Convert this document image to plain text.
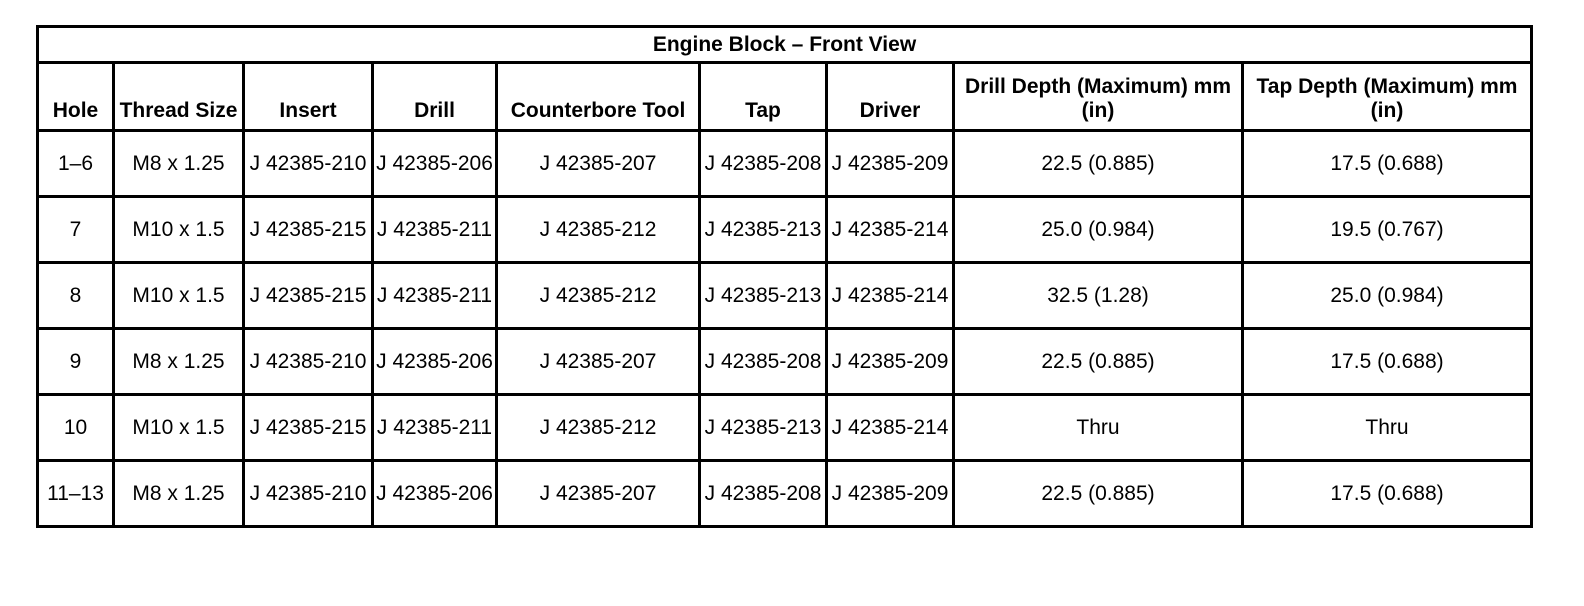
Engine Block – Front View								
Hole	Thread Size	Insert	Drill	Counterbore Tool	Tap	Driver	Drill Depth (Maximum) mm (in)	Tap Depth (Maximum) mm (in)
1–6	M8 x 1.25	J 42385-210	J 42385-206	J 42385-207	J 42385-208	J 42385-209	22.5 (0.885)	17.5 (0.688)
7	M10 x 1.5	J 42385-215	J 42385-211	J 42385-212	J 42385-213	J 42385-214	25.0 (0.984)	19.5 (0.767)
8	M10 x 1.5	J 42385-215	J 42385-211	J 42385-212	J 42385-213	J 42385-214	32.5 (1.28)	25.0 (0.984)
9	M8 x 1.25	J 42385-210	J 42385-206	J 42385-207	J 42385-208	J 42385-209	22.5 (0.885)	17.5 (0.688)
10	M10 x 1.5	J 42385-215	J 42385-211	J 42385-212	J 42385-213	J 42385-214	Thru	Thru
11–13	M8 x 1.25	J 42385-210	J 42385-206	J 42385-207	J 42385-208	J 42385-209	22.5 (0.885)	17.5 (0.688)
